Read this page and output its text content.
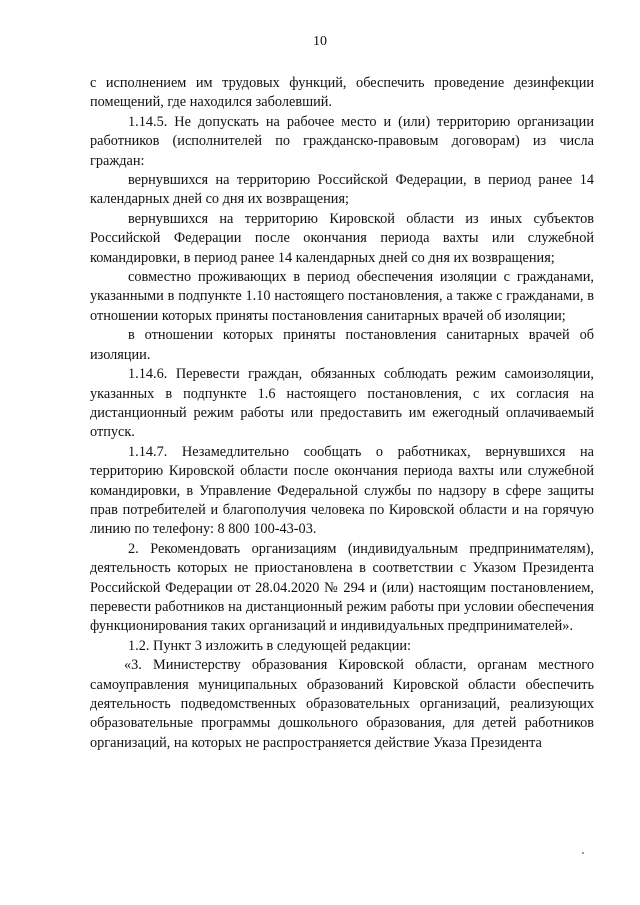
10

с исполнением им трудовых функций, обеспечить проведение дезинфекции помещений, где находился заболевший.

1.14.5. Не допускать на рабочее место и (или) территорию организации работников (исполнителей по гражданско-правовым договорам) из числа граждан:

вернувшихся на территорию Российской Федерации, в период ранее 14 календарных дней со дня их возвращения;

вернувшихся на территорию Кировской области из иных субъектов Российской Федерации после окончания периода вахты или служебной командировки, в период ранее 14 календарных дней со дня их возвращения;

совместно проживающих в период обеспечения изоляции с гражданами, указанными в подпункте 1.10 настоящего постановления, а также с гражданами, в отношении которых приняты постановления санитарных врачей об изоляции;

в отношении которых приняты постановления санитарных врачей об изоляции.

1.14.6. Перевести граждан, обязанных соблюдать режим самоизоляции, указанных в подпункте 1.6 настоящего постановления, с их согласия на дистанционный режим работы или предоставить им ежегодный оплачиваемый отпуск.

1.14.7. Незамедлительно сообщать о работниках, вернувшихся на территорию Кировской области после окончания периода вахты или служебной командировки, в Управление Федеральной службы по надзору в сфере защиты прав потребителей и благополучия человека по Кировской области и на горячую линию по телефону: 8 800 100-43-03.

2. Рекомендовать организациям (индивидуальным предпринимателям), деятельность которых не приостановлена в соответствии с Указом Президента Российской Федерации от 28.04.2020 № 294 и (или) настоящим постановлением, перевести работников на дистанционный режим работы при условии обеспечения функционирования таких организаций и индивидуальных предпринимателей».

1.2. Пункт 3 изложить в следующей редакции:

«3. Министерству образования Кировской области, органам местного самоуправления муниципальных образований Кировской области обеспечить деятельность подведомственных образовательных организаций, реализующих образовательные программы дошкольного образования, для детей работников организаций, на которых не распространяется действие Указа Президента
